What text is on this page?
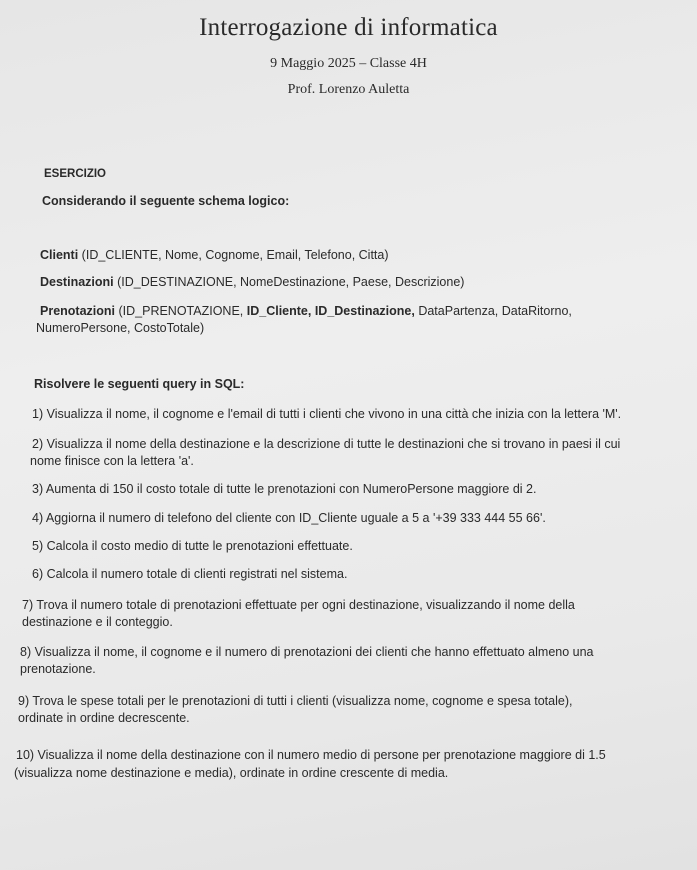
Interrogazione di informatica
9 Maggio 2025 – Classe 4H
Prof. Lorenzo Auletta
ESERCIZIO
Considerando il seguente schema logico:
Clienti (ID_CLIENTE, Nome, Cognome, Email, Telefono, Citta)
Destinazioni (ID_DESTINAZIONE, NomeDestinazione, Paese, Descrizione)
Prenotazioni (ID_PRENOTAZIONE, ID_Cliente, ID_Destinazione, DataPartenza, DataRitorno,
NumeroPersone, CostoTotale)
Risolvere le seguenti query in SQL:
1) Visualizza il nome, il cognome e l'email di tutti i clienti che vivono in una città che inizia con la lettera 'M'.
2) Visualizza il nome della destinazione e la descrizione di tutte le destinazioni che si trovano in paesi il cui
nome finisce con la lettera 'a'.
3) Aumenta di 150 il costo totale di tutte le prenotazioni con NumeroPersone maggiore di 2.
4) Aggiorna il numero di telefono del cliente con ID_Cliente uguale a 5 a '+39 333 444 55 66'.
5) Calcola il costo medio di tutte le prenotazioni effettuate.
6) Calcola il numero totale di clienti registrati nel sistema.
7) Trova il numero totale di prenotazioni effettuate per ogni destinazione, visualizzando il nome della
destinazione e il conteggio.
8) Visualizza il nome, il cognome e il numero di prenotazioni dei clienti che hanno effettuato almeno una
prenotazione.
9) Trova le spese totali per le prenotazioni di tutti i clienti (visualizza nome, cognome e spesa totale),
ordinate in ordine decrescente.
10) Visualizza il nome della destinazione con il numero medio di persone per prenotazione maggiore di 1.5
(visualizza nome destinazione e media), ordinate in ordine crescente di media.
